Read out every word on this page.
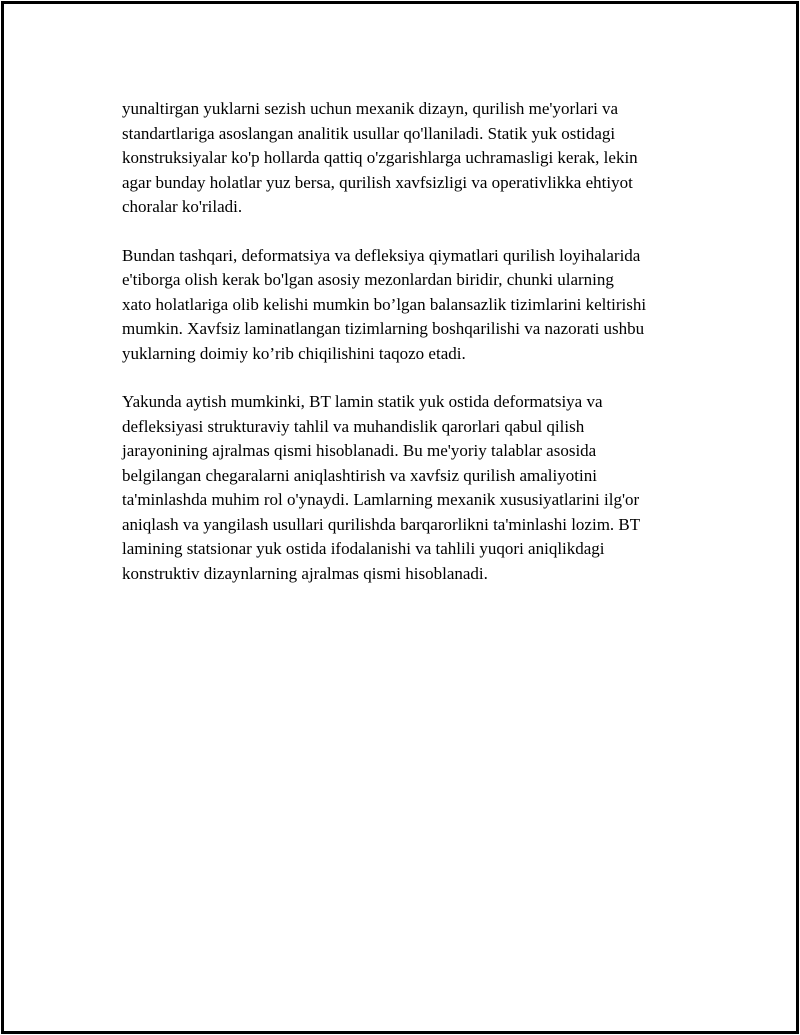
yunaltirgan yuklarni sezish uchun mexanik dizayn, qurilish me'yorlari va
standartlariga asoslangan analitik usullar qo'llaniladi. Statik yuk ostidagi
konstruksiyalar ko'p hollarda qattiq o'zgarishlarga uchramasligi kerak, lekin
agar bunday holatlar yuz bersa, qurilish xavfsizligi va operativlikka ehtiyot
choralar ko'riladi.
Bundan tashqari, deformatsiya va defleksiya qiymatlari qurilish loyihalarida
e'tiborga olish kerak bo'lgan asosiy mezonlardan biridir, chunki ularning
xato holatlariga olib kelishi mumkin bo’lgan balansazlik tizimlarini keltirishi
mumkin. Xavfsiz laminatlangan tizimlarning boshqarilishi va nazorati ushbu
yuklarning doimiy ko’rib chiqilishini taqozo etadi.
Yakunda aytish mumkinki, BT lamin statik yuk ostida deformatsiya va
defleksiyasi strukturaviy tahlil va muhandislik qarorlari qabul qilish
jarayonining ajralmas qismi hisoblanadi. Bu me'yoriy talablar asosida
belgilangan chegaralarni aniqlashtirish va xavfsiz qurilish amaliyotini
ta'minlashda muhim rol o'ynaydi. Lamlarning mexanik xususiyatlarini ilg'or
aniqlash va yangilash usullari qurilishda barqarorlikni ta'minlashi lozim. BT
lamining statsionar yuk ostida ifodalanishi va tahlili yuqori aniqlikdagi
konstruktiv dizaynlarning ajralmas qismi hisoblanadi.
